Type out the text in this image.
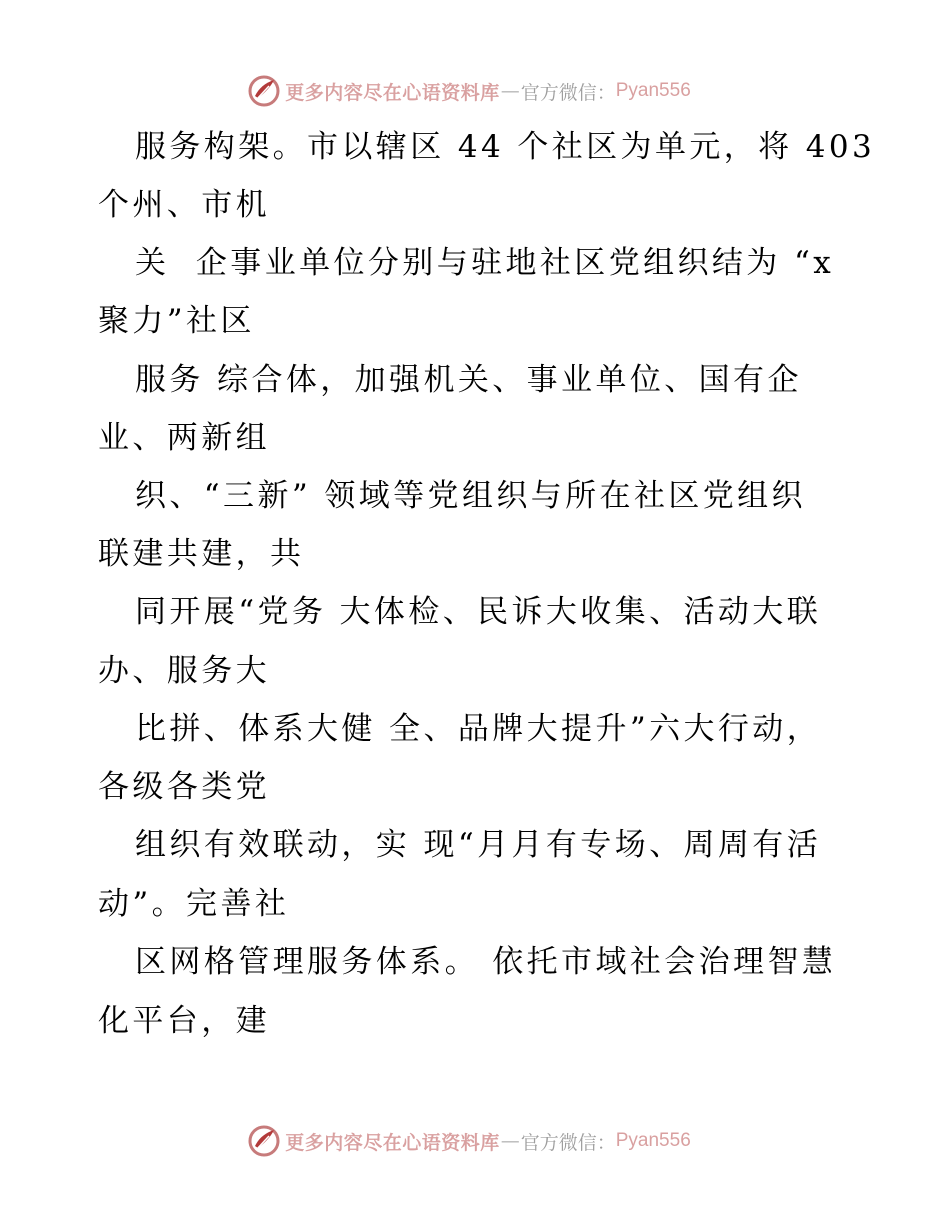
更多内容尽在心语资料库 — 官方微信： Pyan556
服务构架。市以辖区 44 个社区为单元，将 403
个州、市机
关  企事业单位分别与驻地社区党组织结为 “x
聚力”社区
服务 综合体，加强机关、事业单位、国有企
业、两新组
织、“三新” 领域等党组织与所在社区党组织
联建共建，共
同开展“党务 大体检、民诉大收集、活动大联
办、服务大
比拼、体系大健 全、品牌大提升”六大行动，
各级各类党
组织有效联动，实 现“月月有专场、周周有活
动”。完善社
区网格管理服务体系。 依托市域社会治理智慧
化平台，建
更多内容尽在心语资料库 — 官方微信： Pyan556
